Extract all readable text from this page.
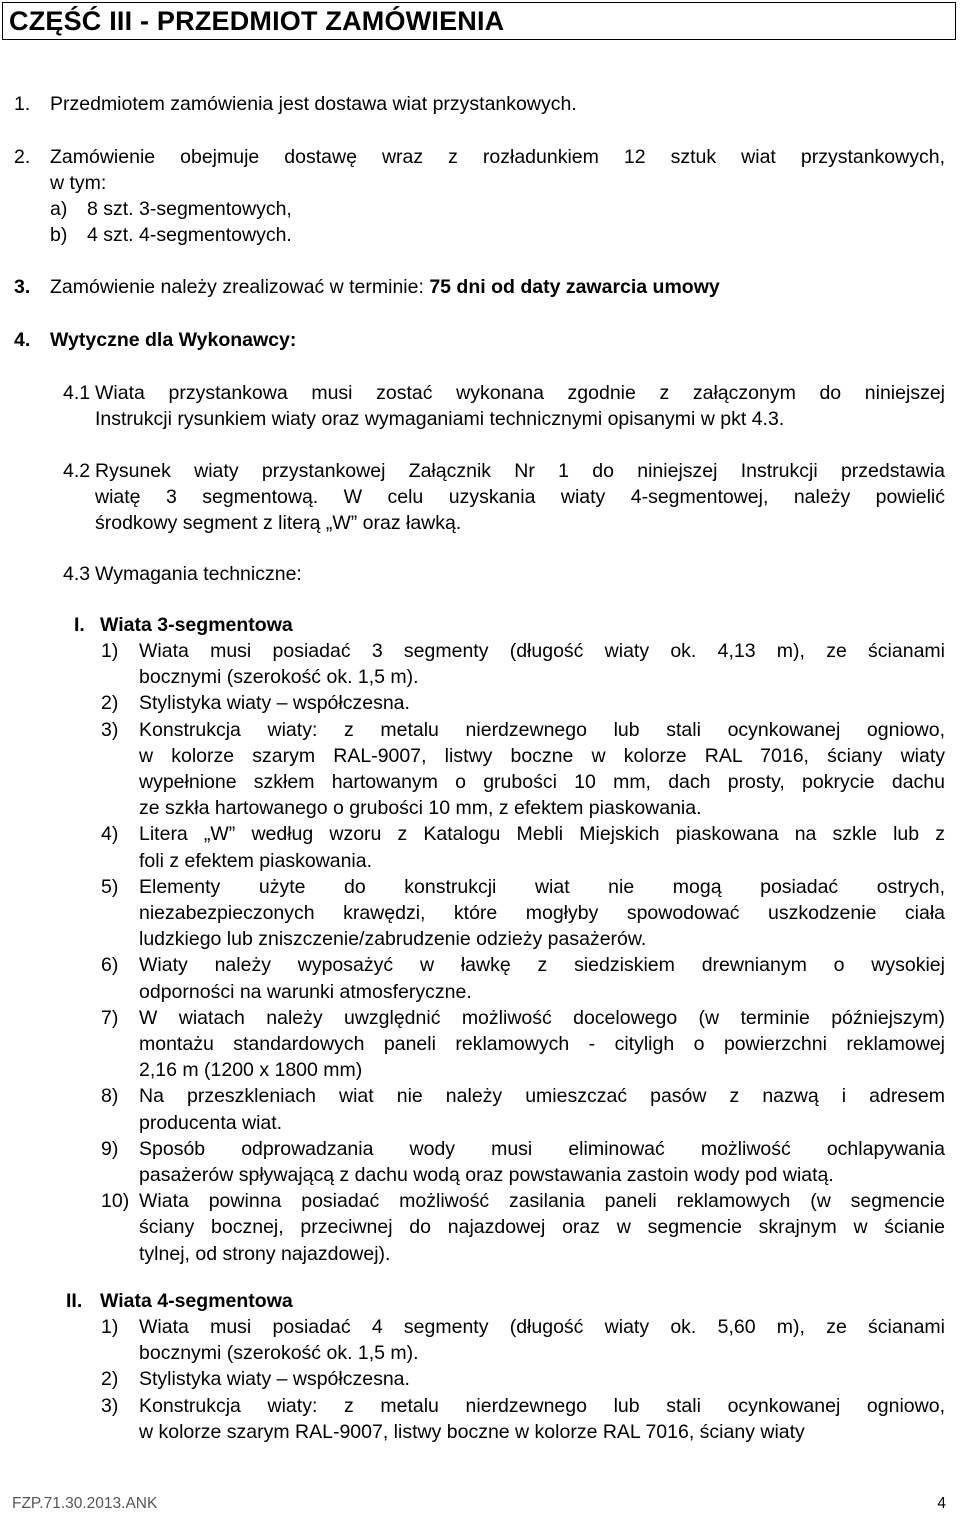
CZĘŚĆ III - PRZEDMIOT ZAMÓWIENIA
1. Przedmiotem zamówienia jest dostawa wiat przystankowych.
2. Zamówienie obejmuje dostawę wraz z rozładunkiem 12 sztuk wiat przystankowych,
w tym:
a) 8 szt. 3-segmentowych,
b) 4 szt. 4-segmentowych.
3. Zamówienie należy zrealizować w terminie: 75 dni od daty zawarcia umowy
4. Wytyczne dla Wykonawcy:
4.1 Wiata przystankowa musi zostać wykonana zgodnie z załączonym do niniejszej
Instrukcji rysunkiem wiaty oraz wymaganiami technicznymi opisanymi w pkt 4.3.
4.2 Rysunek wiaty przystankowej Załącznik Nr 1 do niniejszej Instrukcji przedstawia
wiatę 3 segmentową. W celu uzyskania wiaty 4-segmentowej, należy powielić
środkowy segment z literą „W” oraz ławką.
4.3 Wymagania techniczne:
I. Wiata 3-segmentowa
1) Wiata musi posiadać 3 segmenty (długość wiaty ok. 4,13 m), ze ścianami
bocznymi (szerokość ok. 1,5 m).
2) Stylistyka wiaty – współczesna.
3) Konstrukcja wiaty: z metalu nierdzewnego lub stali ocynkowanej ogniowo,
w kolorze szarym RAL-9007, listwy boczne w kolorze RAL 7016, ściany wiaty
wypełnione szkłem hartowanym o grubości 10 mm, dach prosty, pokrycie dachu
ze szkła hartowanego o grubości 10 mm, z efektem piaskowania.
4) Litera „W” według wzoru z Katalogu Mebli Miejskich piaskowana na szkle lub z
foli z efektem piaskowania.
5) Elementy użyte do konstrukcji wiat nie mogą posiadać ostrych,
niezabezpieczonych krawędzi, które mogłyby spowodować uszkodzenie ciała
ludzkiego lub zniszczenie/zabrudzenie odzieży pasażerów.
6) Wiaty należy wyposażyć w ławkę z siedziskiem drewnianym o wysokiej
odporności na warunki atmosferyczne.
7) W wiatach należy uwzględnić możliwość docelowego (w terminie późniejszym)
montażu standardowych paneli reklamowych - cityligh o powierzchni reklamowej
2,16 m (1200 x 1800 mm)
8) Na przeszkleniach wiat nie należy umieszczać pasów z nazwą i adresem
producenta wiat.
9) Sposób odprowadzania wody musi eliminować możliwość ochlapywania
pasażerów spływającą z dachu wodą oraz powstawania zastoin wody pod wiatą.
10) Wiata powinna posiadać możliwość zasilania paneli reklamowych (w segmencie
ściany bocznej, przeciwnej do najazdowej oraz w segmencie skrajnym w ścianie
tylnej, od strony najazdowej).
II. Wiata 4-segmentowa
1) Wiata musi posiadać 4 segmenty (długość wiaty ok. 5,60 m), ze ścianami
bocznymi (szerokość ok. 1,5 m).
2) Stylistyka wiaty – współczesna.
3) Konstrukcja wiaty: z metalu nierdzewnego lub stali ocynkowanej ogniowo,
w kolorze szarym RAL-9007, listwy boczne w kolorze RAL 7016, ściany wiaty
FZP.71.30.2013.ANK	4
